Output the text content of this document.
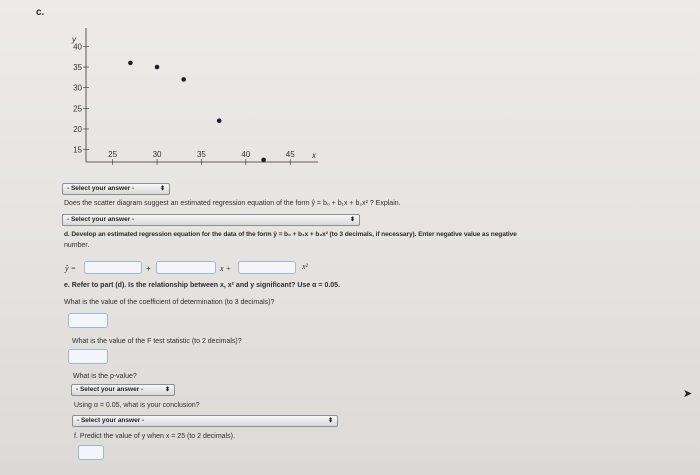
c.
25	30	35	40	45
15
20
25
30
35
40
y
x
- Select your answer -	⬍
Does the scatter diagram suggest an estimated regression equation of the form ŷ = b₀ + b₁x + b₂x² ? Explain.
- Select your answer -	⬍
d. Develop an estimated regression equation for the data of the form ŷ = b₀ + b₁x + b₂x² (to 3 decimals, if necessary). Enter negative value as negative
number.
ŷ =	+	x +	x²
e. Refer to part (d). Is the relationship between x, x² and y significant? Use α = 0.05.
What is the value of the coefficient of determination (to 3 decimals)?
What is the value of the F test statistic (to 2 decimals)?
What is the p-value?
- Select your answer -	⬍
Using α = 0.05, what is your conclusion?
- Select your answer -	⬍
f. Predict the value of y when x = 25 (to 2 decimals).
➤
